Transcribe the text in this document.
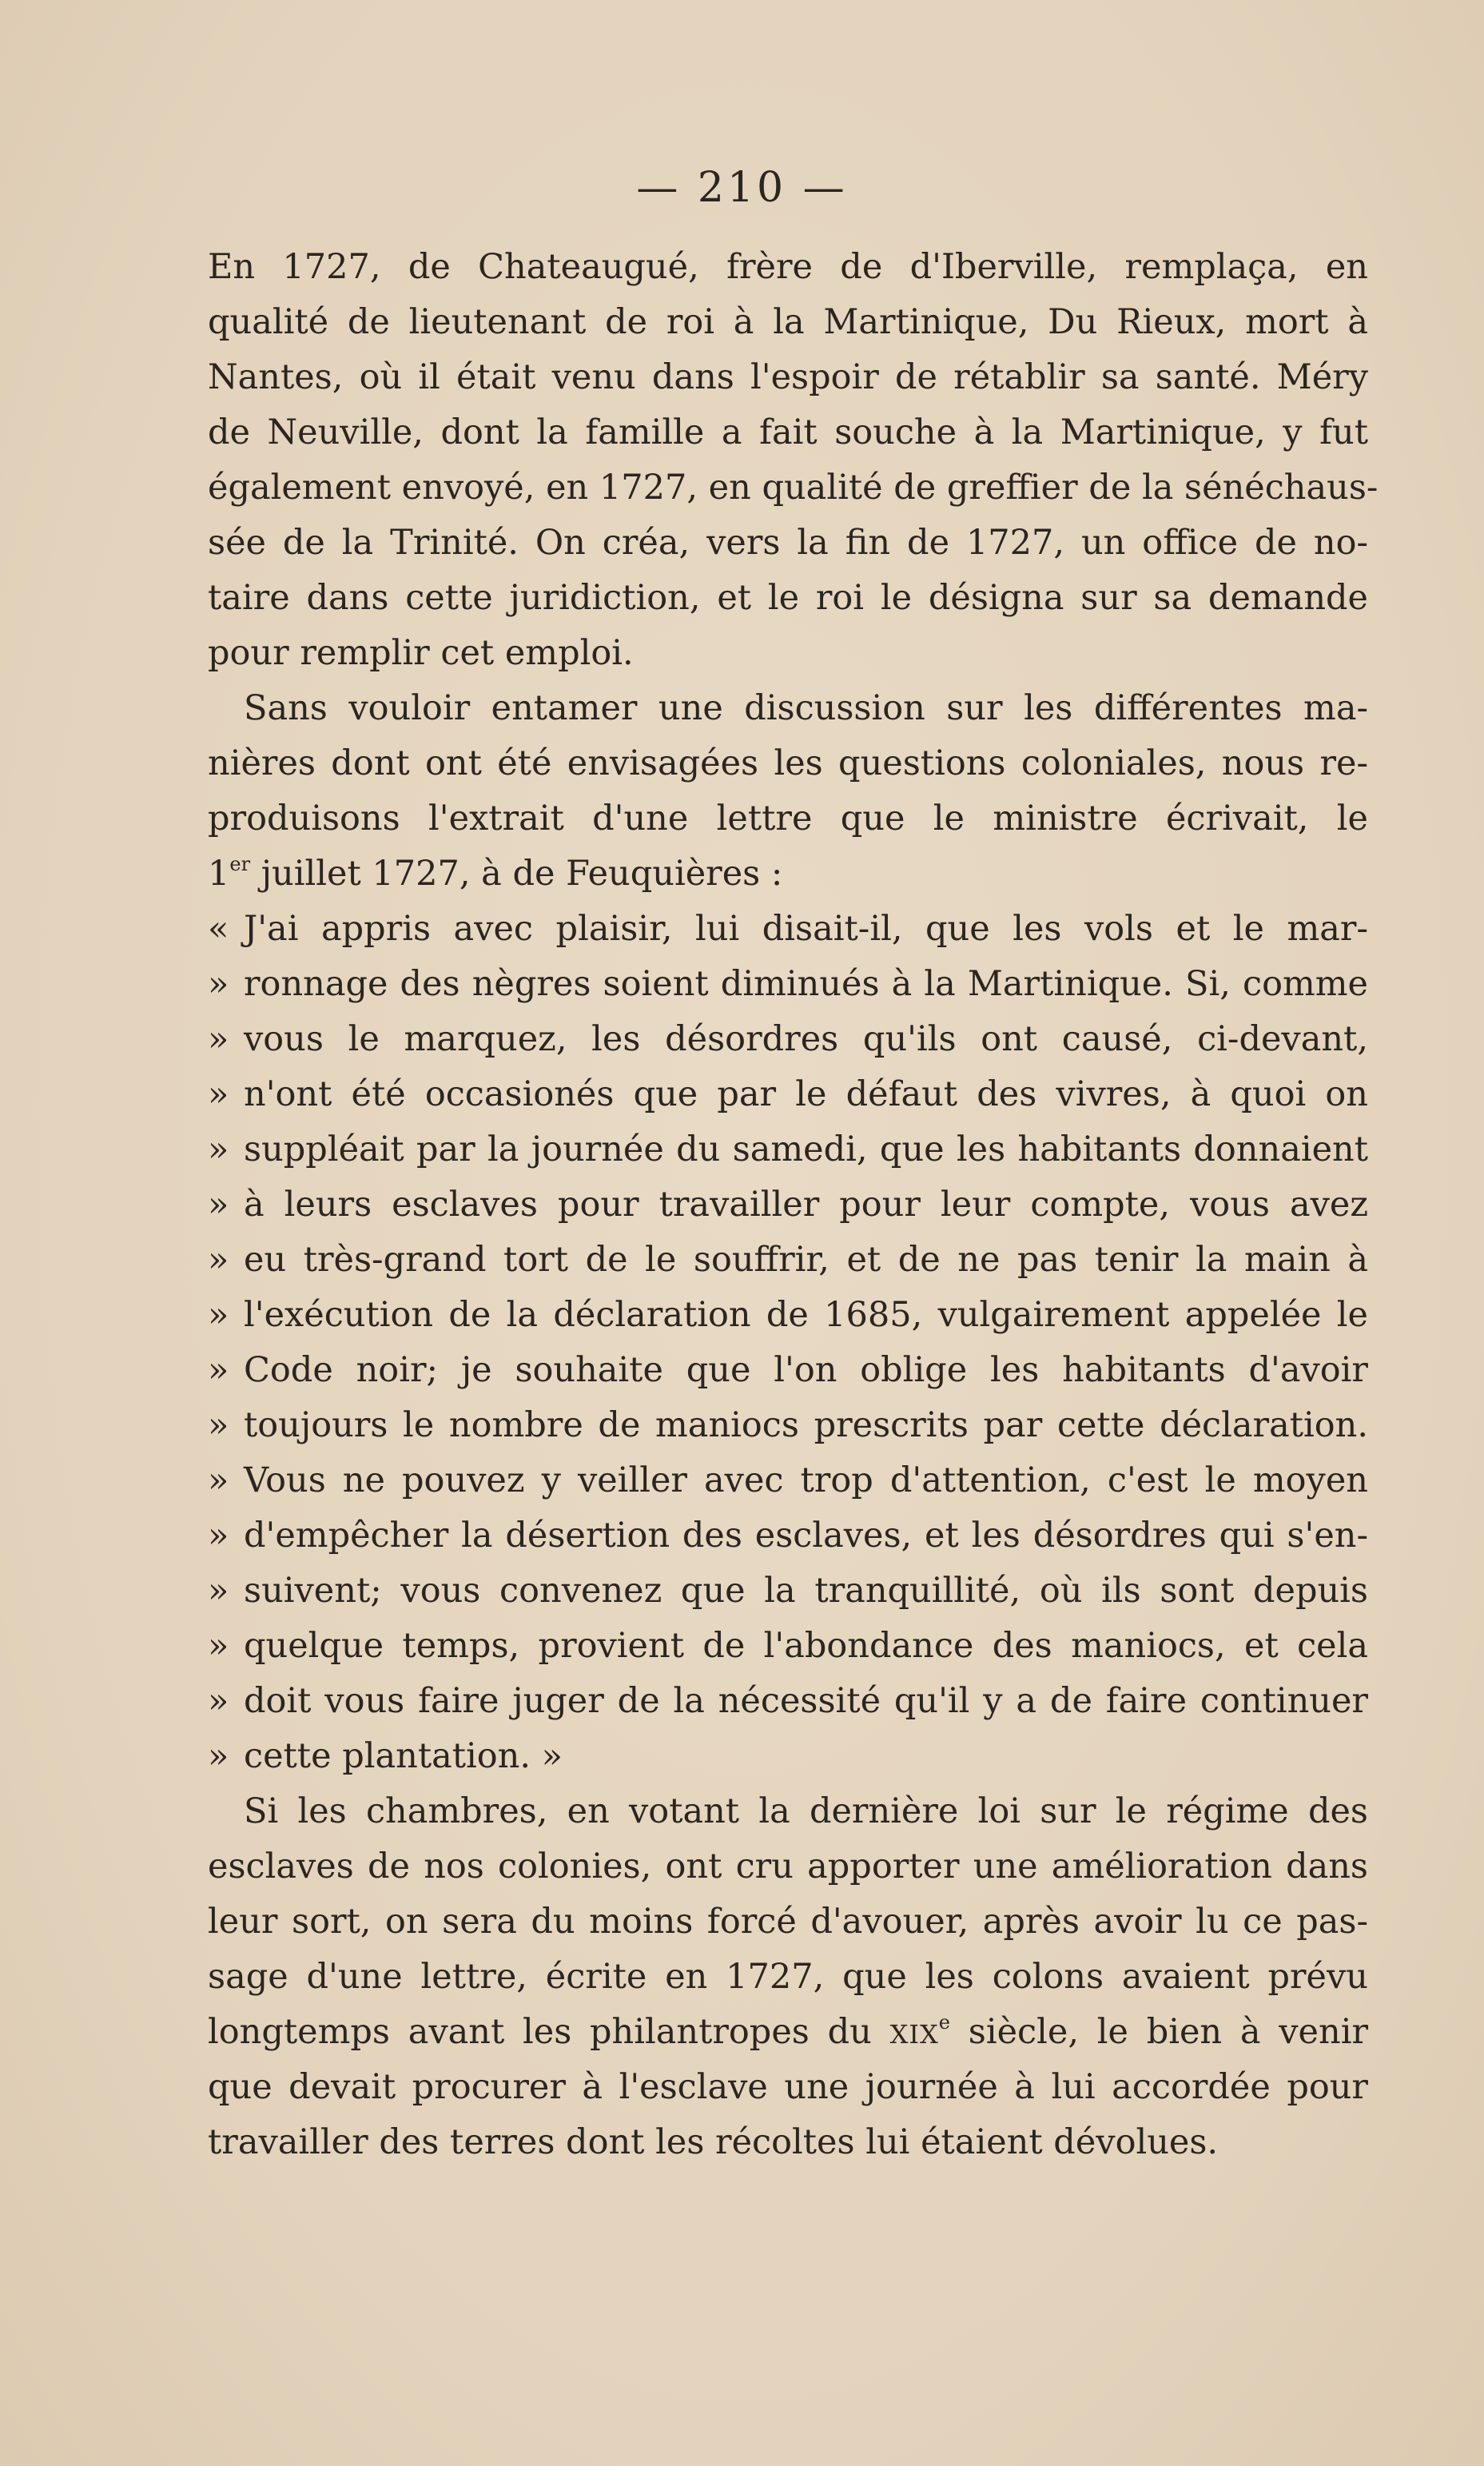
— 210 —
En 1727, de Chateaugué, frère de d'Iberville, remplaça, en
qualité de lieutenant de roi à la Martinique, Du Rieux, mort à
Nantes, où il était venu dans l'espoir de rétablir sa santé. Méry
de Neuville, dont la famille a fait souche à la Martinique, y fut
également envoyé, en 1727, en qualité de greffier de la sénéchaus-
sée de la Trinité. On créa, vers la fin de 1727, un office de no-
taire dans cette juridiction, et le roi le désigna sur sa demande
pour remplir cet emploi.
Sans vouloir entamer une discussion sur les différentes ma-
nières dont ont été envisagées les questions coloniales, nous re-
produisons l'extrait d'une lettre que le ministre écrivait, le
1er juillet 1727, à de Feuquières :
« J'ai appris avec plaisir, lui disait-il, que les vols et le mar-
» ronnage des nègres soient diminués à la Martinique. Si, comme
» vous le marquez, les désordres qu'ils ont causé, ci-devant,
» n'ont été occasionés que par le défaut des vivres, à quoi on
» suppléait par la journée du samedi, que les habitants donnaient
» à leurs esclaves pour travailler pour leur compte, vous avez
» eu très-grand tort de le souffrir, et de ne pas tenir la main à
» l'exécution de la déclaration de 1685, vulgairement appelée le
» Code noir; je souhaite que l'on oblige les habitants d'avoir
» toujours le nombre de maniocs prescrits par cette déclaration.
» Vous ne pouvez y veiller avec trop d'attention, c'est le moyen
» d'empêcher la désertion des esclaves, et les désordres qui s'en-
» suivent; vous convenez que la tranquillité, où ils sont depuis
» quelque temps, provient de l'abondance des maniocs, et cela
» doit vous faire juger de la nécessité qu'il y a de faire continuer
» cette plantation. »
Si les chambres, en votant la dernière loi sur le régime des
esclaves de nos colonies, ont cru apporter une amélioration dans
leur sort, on sera du moins forcé d'avouer, après avoir lu ce pas-
sage d'une lettre, écrite en 1727, que les colons avaient prévu
longtemps avant les philantropes du XIXe siècle, le bien à venir
que devait procurer à l'esclave une journée à lui accordée pour
travailler des terres dont les récoltes lui étaient dévolues.
